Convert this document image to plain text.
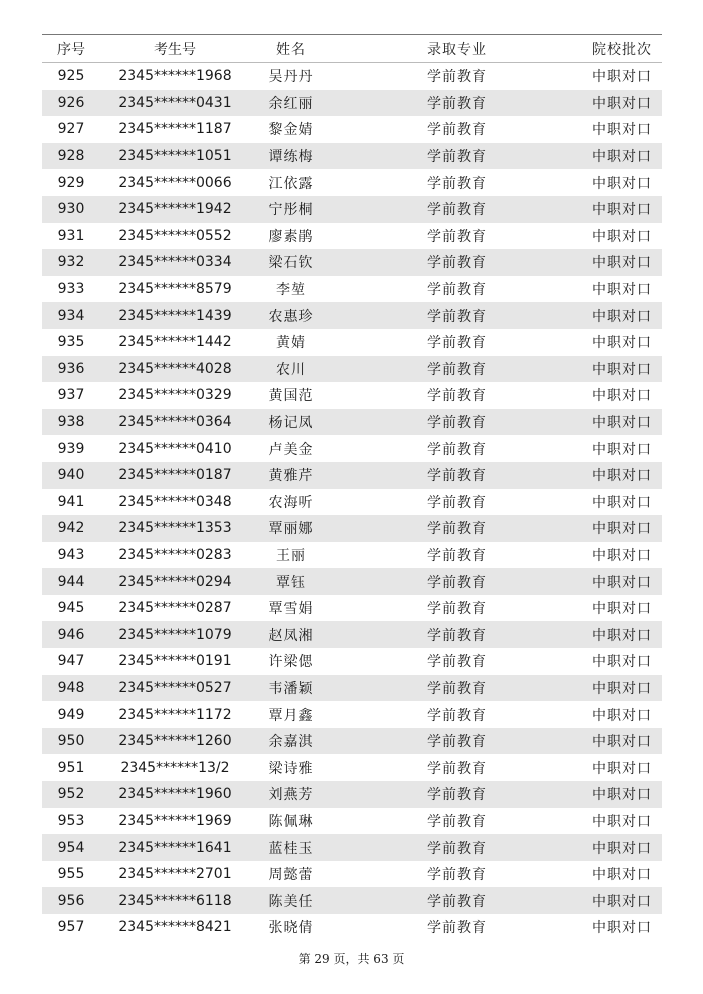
序号	考生号	姓名	录取专业	院校批次
925	2345******1968	吴丹丹	学前教育	中职对口
926	2345******0431	余红丽	学前教育	中职对口
927	2345******1187	黎金婧	学前教育	中职对口
928	2345******1051	谭练梅	学前教育	中职对口
929	2345******0066	江依露	学前教育	中职对口
930	2345******1942	宁彤桐	学前教育	中职对口
931	2345******0552	廖素鹃	学前教育	中职对口
932	2345******0334	梁石钦	学前教育	中职对口
933	2345******8579	李堃	学前教育	中职对口
934	2345******1439	农惠珍	学前教育	中职对口
935	2345******1442	黄婧	学前教育	中职对口
936	2345******4028	农川	学前教育	中职对口
937	2345******0329	黄国范	学前教育	中职对口
938	2345******0364	杨记凤	学前教育	中职对口
939	2345******0410	卢美金	学前教育	中职对口
940	2345******0187	黄雅芹	学前教育	中职对口
941	2345******0348	农海听	学前教育	中职对口
942	2345******1353	覃丽娜	学前教育	中职对口
943	2345******0283	王丽	学前教育	中职对口
944	2345******0294	覃钰	学前教育	中职对口
945	2345******0287	覃雪娟	学前教育	中职对口
946	2345******1079	赵凤湘	学前教育	中职对口
947	2345******0191	许梁偲	学前教育	中职对口
948	2345******0527	韦潘颖	学前教育	中职对口
949	2345******1172	覃月鑫	学前教育	中职对口
950	2345******1260	余嘉淇	学前教育	中职对口
951	2345******13/2	梁诗雅	学前教育	中职对口
952	2345******1960	刘燕芳	学前教育	中职对口
953	2345******1969	陈佩琳	学前教育	中职对口
954	2345******1641	蓝桂玉	学前教育	中职对口
955	2345******2701	周懿蕾	学前教育	中职对口
956	2345******6118	陈美任	学前教育	中职对口
957	2345******8421	张晓倩	学前教育	中职对口
第 29 页，共 63 页
